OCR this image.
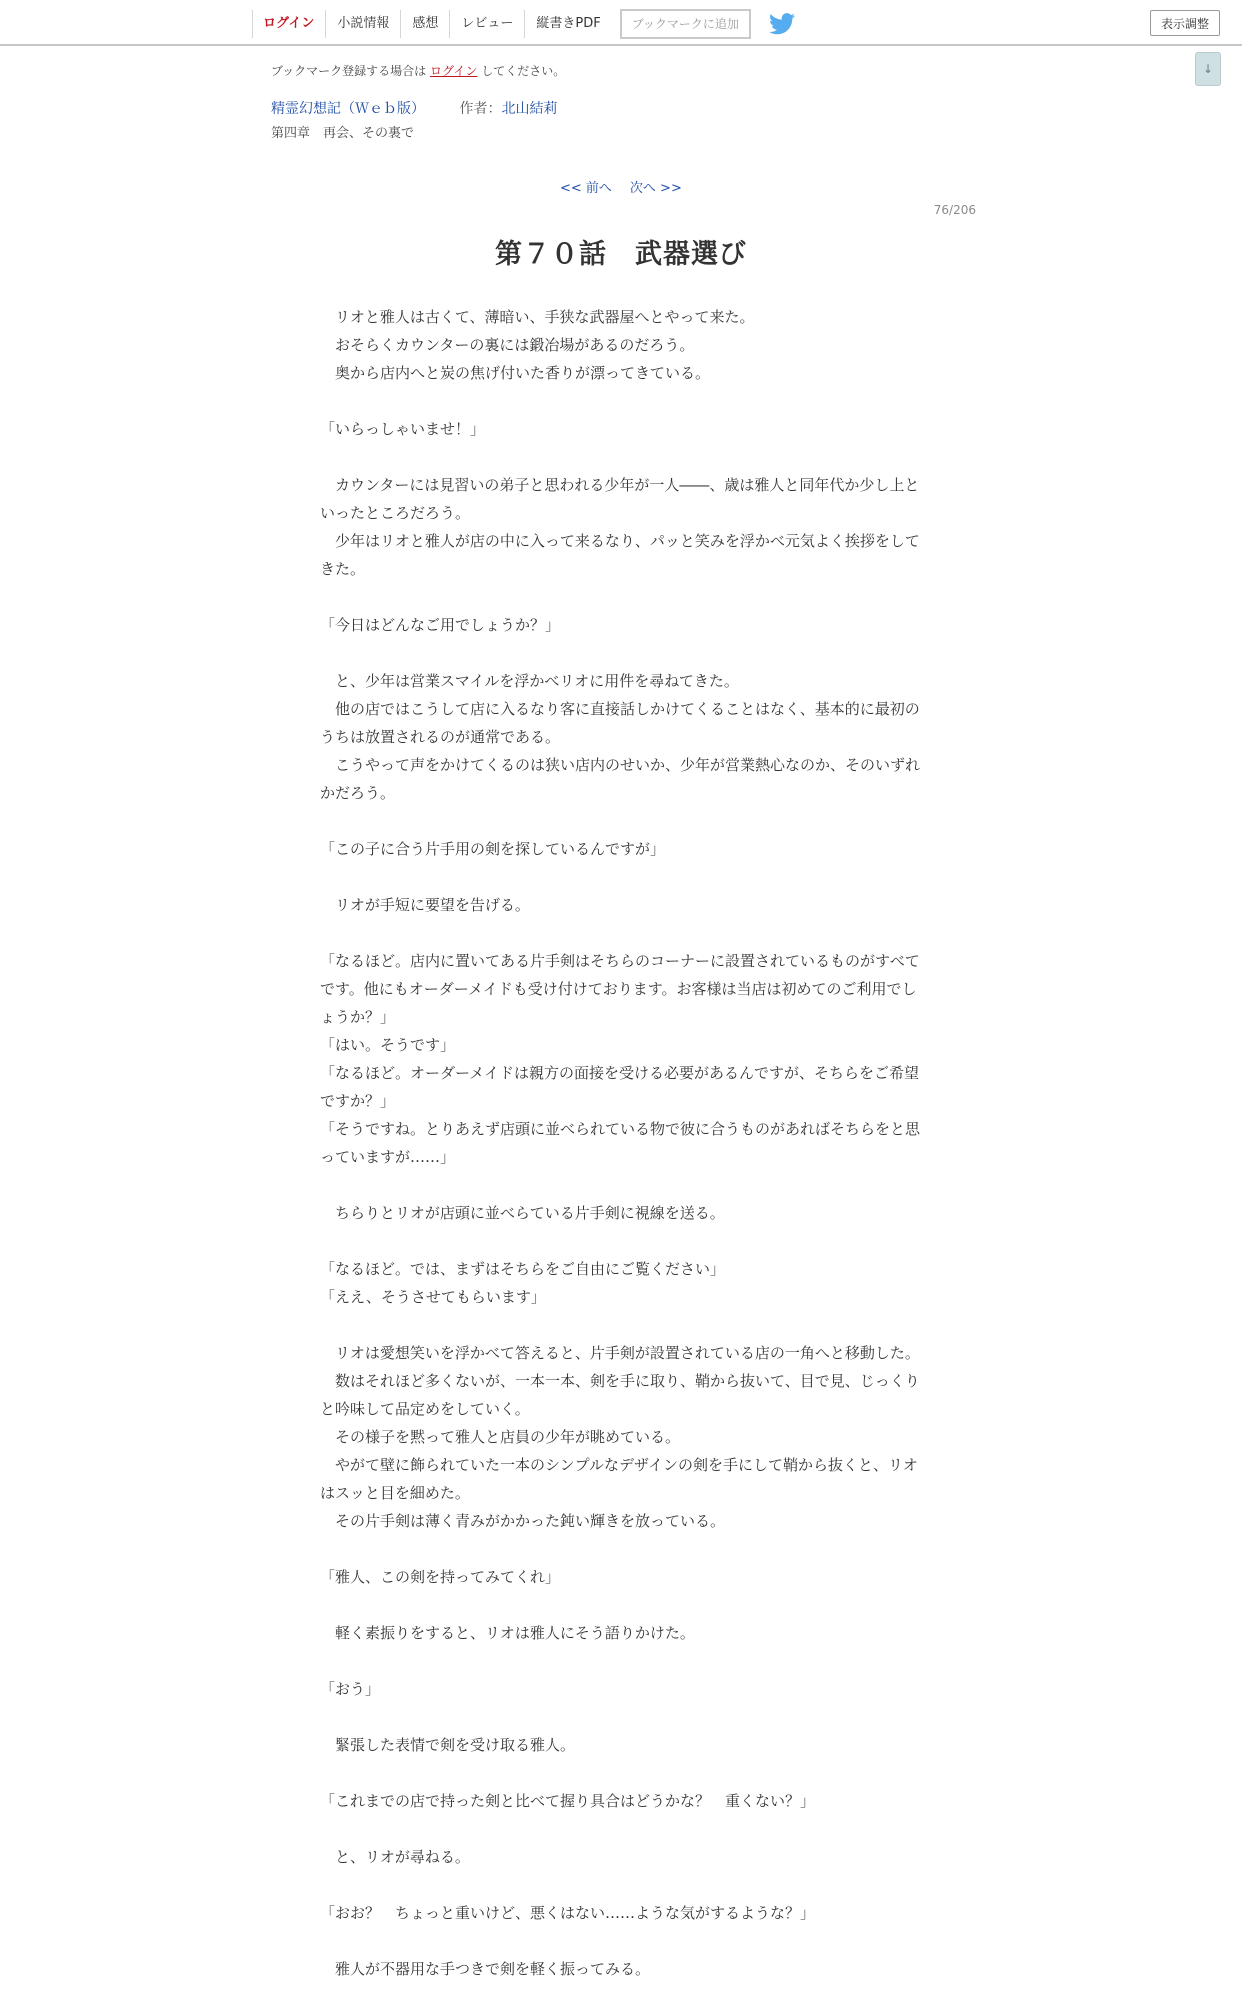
ログイン	小説情報	感想	レビュー	縦書きPDF	ブックマークに追加	表示調整
↓
ブックマーク登録する場合は ログイン してください。
精霊幻想記（Ｗｅｂ版） 作者：北山結莉
第四章　再会、その裏で
<< 前へ 次へ >>
76/206
第７０話　武器選び

　リオと雅人は古くて、薄暗い、手狭な武器屋へとやって来た。

　おそらくカウンターの裏には鍛冶場があるのだろう。

　奥から店内へと炭の焦げ付いた香りが漂ってきている。

「いらっしゃいませ！」

　カウンターには見習いの弟子と思われる少年が一人――、歳は雅人と同年代か少し上といったところだろう。

　少年はリオと雅人が店の中に入って来るなり、パッと笑みを浮かべ元気よく挨拶をしてきた。

「今日はどんなご用でしょうか？」

　と、少年は営業スマイルを浮かべリオに用件を尋ねてきた。

　他の店ではこうして店に入るなり客に直接話しかけてくることはなく、基本的に最初のうちは放置されるのが通常である。

　こうやって声をかけてくるのは狭い店内のせいか、少年が営業熱心なのか、そのいずれかだろう。

「この子に合う片手用の剣を探しているんですが」

　リオが手短に要望を告げる。

「なるほど。店内に置いてある片手剣はそちらのコーナーに設置されているものがすべてです。他にもオーダーメイドも受け付けております。お客様は当店は初めてのご利用でしょうか？」

「はい。そうです」

「なるほど。オーダーメイドは親方の面接を受ける必要があるんですが、そちらをご希望ですか？」

「そうですね。とりあえず店頭に並べられている物で彼に合うものがあればそちらをと思っていますが……」

　ちらりとリオが店頭に並べらている片手剣に視線を送る。

「なるほど。では、まずはそちらをご自由にご覧ください」

「ええ、そうさせてもらいます」

　リオは愛想笑いを浮かべて答えると、片手剣が設置されている店の一角へと移動した。

　数はそれほど多くないが、一本一本、剣を手に取り、鞘から抜いて、目で見、じっくりと吟味して品定めをしていく。

　その様子を黙って雅人と店員の少年が眺めている。

　やがて壁に飾られていた一本のシンプルなデザインの剣を手にして鞘から抜くと、リオはスッと目を細めた。

　その片手剣は薄く青みがかかった鈍い輝きを放っている。

「雅人、この剣を持ってみてくれ」

　軽く素振りをすると、リオは雅人にそう語りかけた。

「おう」

　緊張した表情で剣を受け取る雅人。

「これまでの店で持った剣と比べて握り具合はどうかな？　重くない？」

　と、リオが尋ねる。

「おお？　ちょっと重いけど、悪くはない……ような気がするような？」

　雅人が不器用な手つきで剣を軽く振ってみる。
